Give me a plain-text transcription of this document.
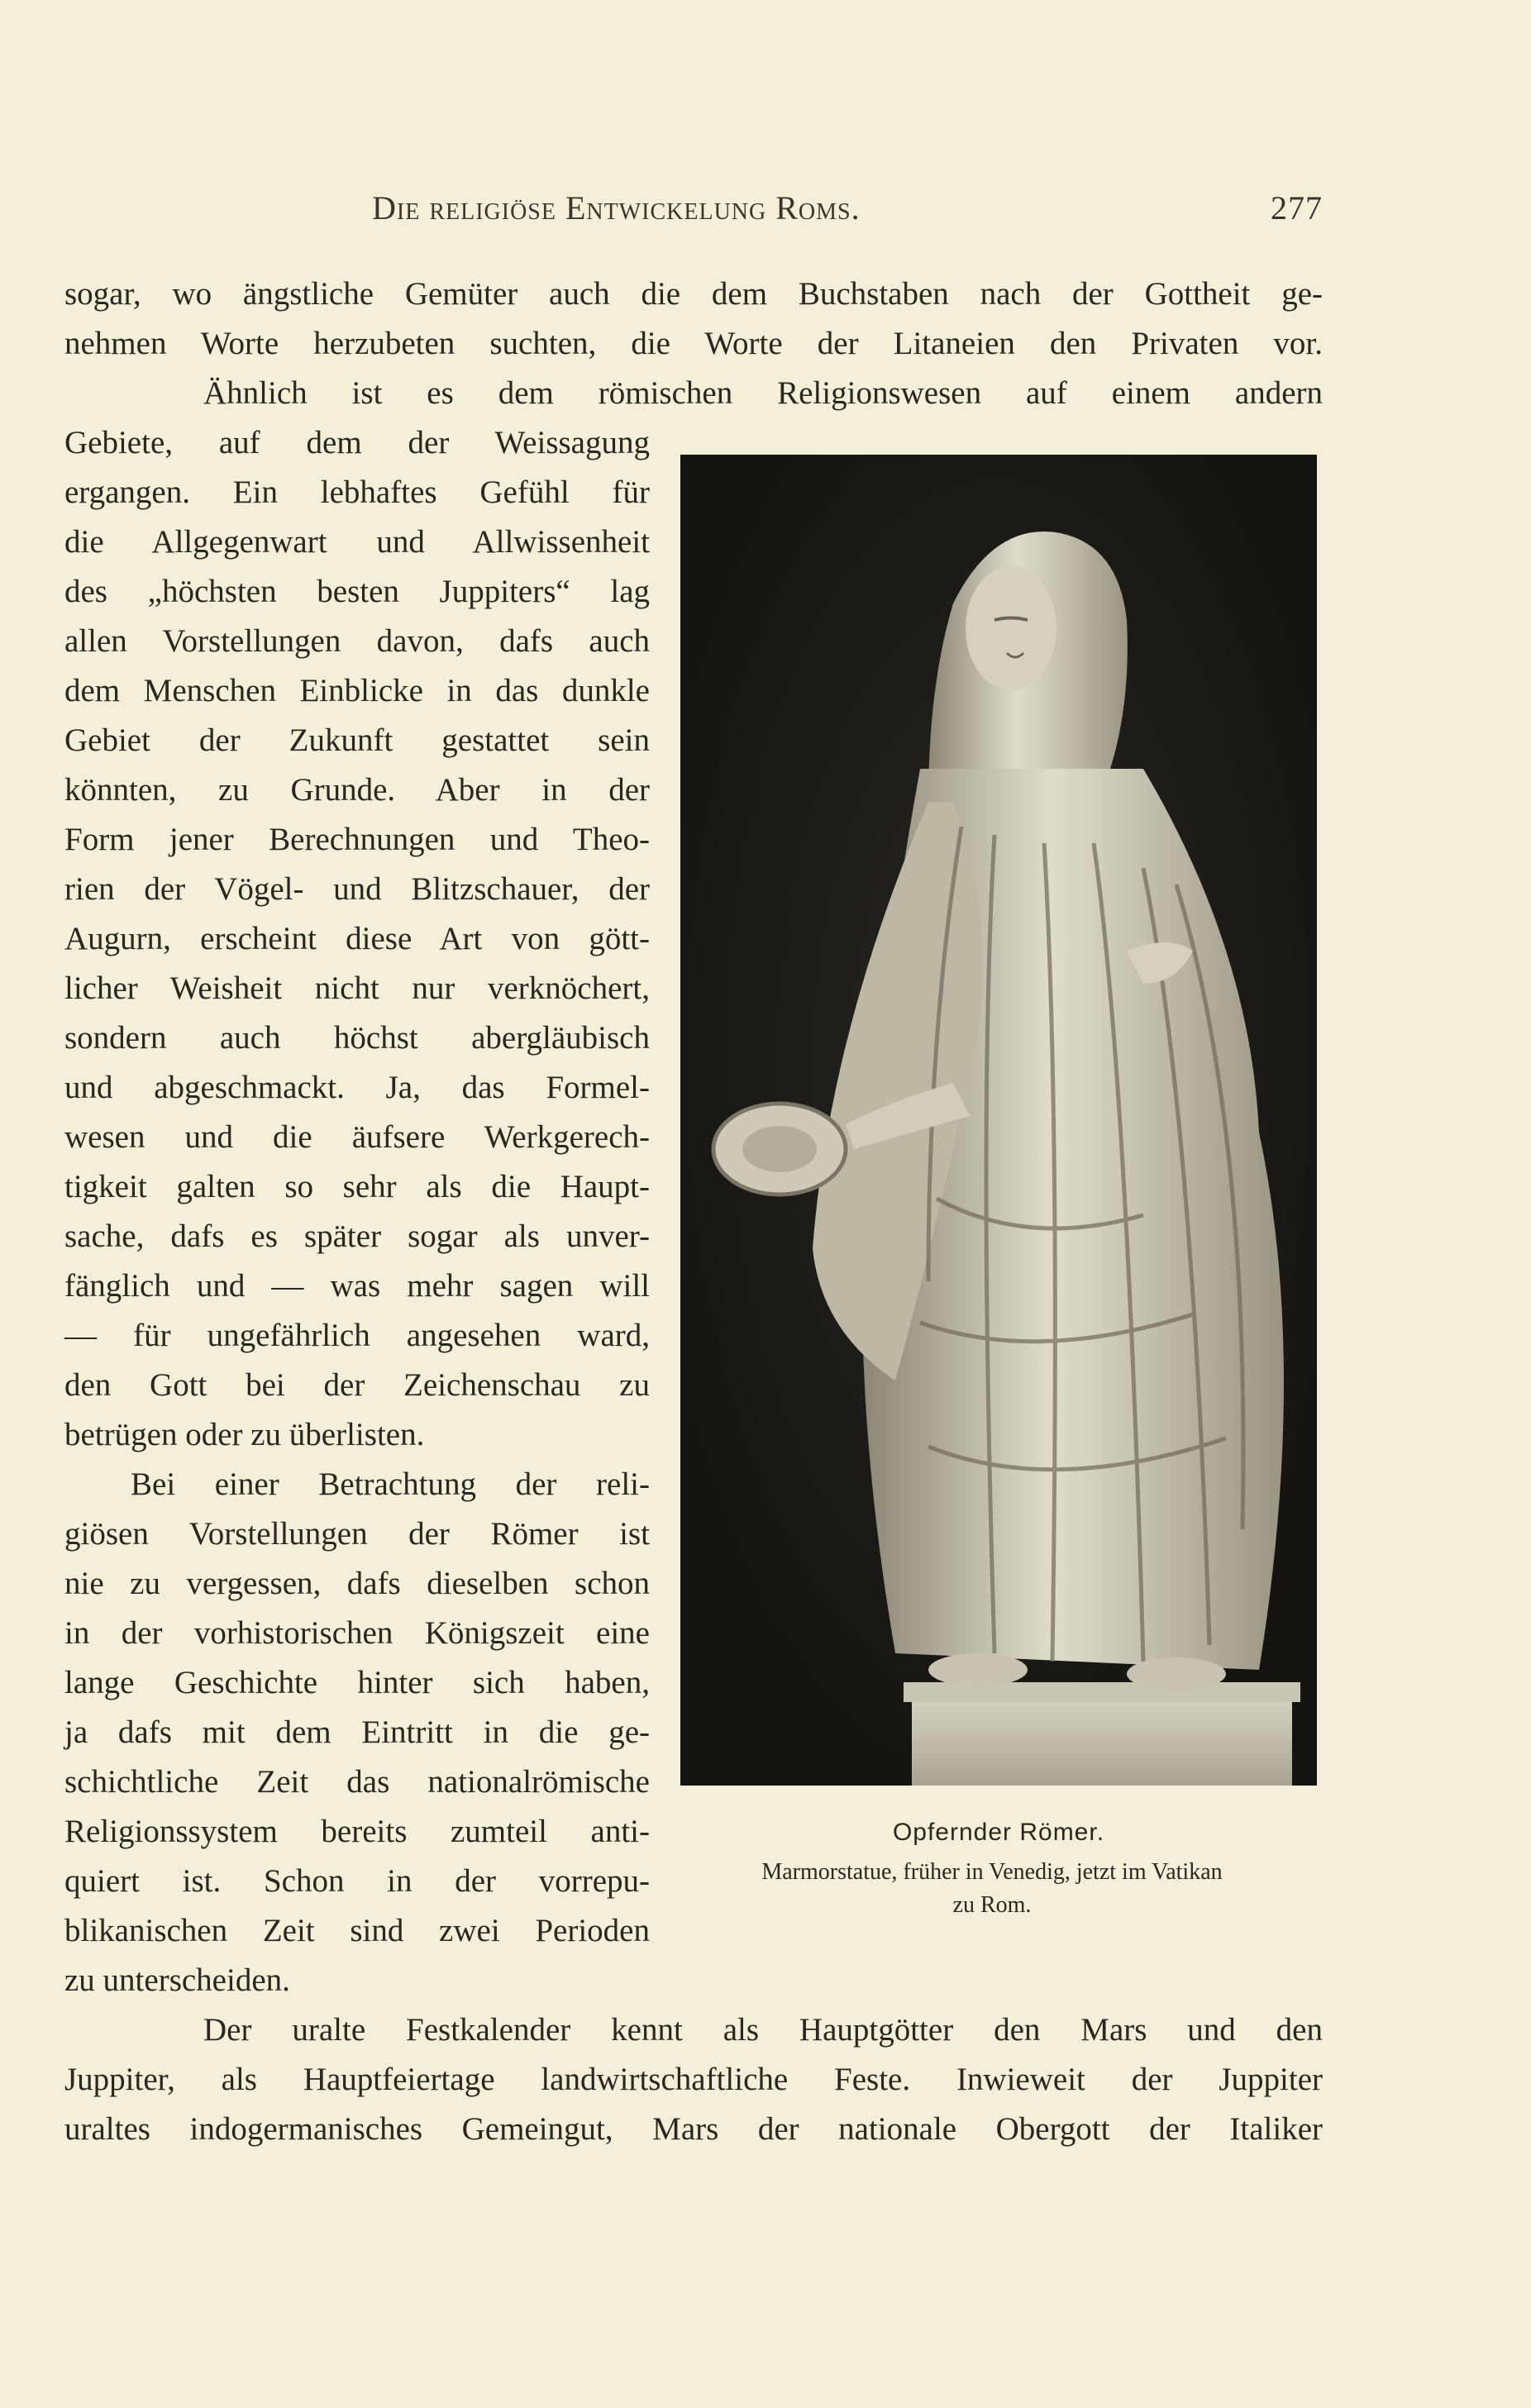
Die religiöse Entwickelung Roms.	277
sogar, wo ängstliche Gemüter auch die dem Buchstaben nach der Gottheit ge-
nehmen Worte herzubeten suchten, die Worte der Litaneien den Privaten vor.
Ähnlich ist es dem römischen Religionswesen auf einem andern
Gebiete, auf dem der Weissagung
ergangen. Ein lebhaftes Gefühl für
die Allgegenwart und Allwissenheit
des „höchsten besten Juppiters“ lag
allen Vorstellungen davon, dafs auch
dem Menschen Einblicke in das dunkle
Gebiet der Zukunft gestattet sein
könnten, zu Grunde. Aber in der
Form jener Berechnungen und Theo-
rien der Vögel- und Blitzschauer, der
Augurn, erscheint diese Art von gött-
licher Weisheit nicht nur verknöchert,
sondern auch höchst abergläubisch
und abgeschmackt. Ja, das Formel-
wesen und die äufsere Werkgerech-
tigkeit galten so sehr als die Haupt-
sache, dafs es später sogar als unver-
fänglich und — was mehr sagen will
— für ungefährlich angesehen ward,
den Gott bei der Zeichenschau zu
betrügen oder zu überlisten.
Bei einer Betrachtung der reli-
giösen Vorstellungen der Römer ist
nie zu vergessen, dafs dieselben schon
in der vorhistorischen Königszeit eine
lange Geschichte hinter sich haben,
ja dafs mit dem Eintritt in die ge-
schichtliche Zeit das nationalrömische
Religionssystem bereits zumteil anti-
quiert ist. Schon in der vorrepu-
blikanischen Zeit sind zwei Perioden
zu unterscheiden.
Opfernder Römer.
Marmorstatue, früher in Venedig, jetzt im Vatikan
zu Rom.
Der uralte Festkalender kennt als Hauptgötter den Mars und den
Juppiter, als Hauptfeiertage landwirtschaftliche Feste. Inwieweit der Juppiter
uraltes indogermanisches Gemeingut, Mars der nationale Obergott der Italiker
